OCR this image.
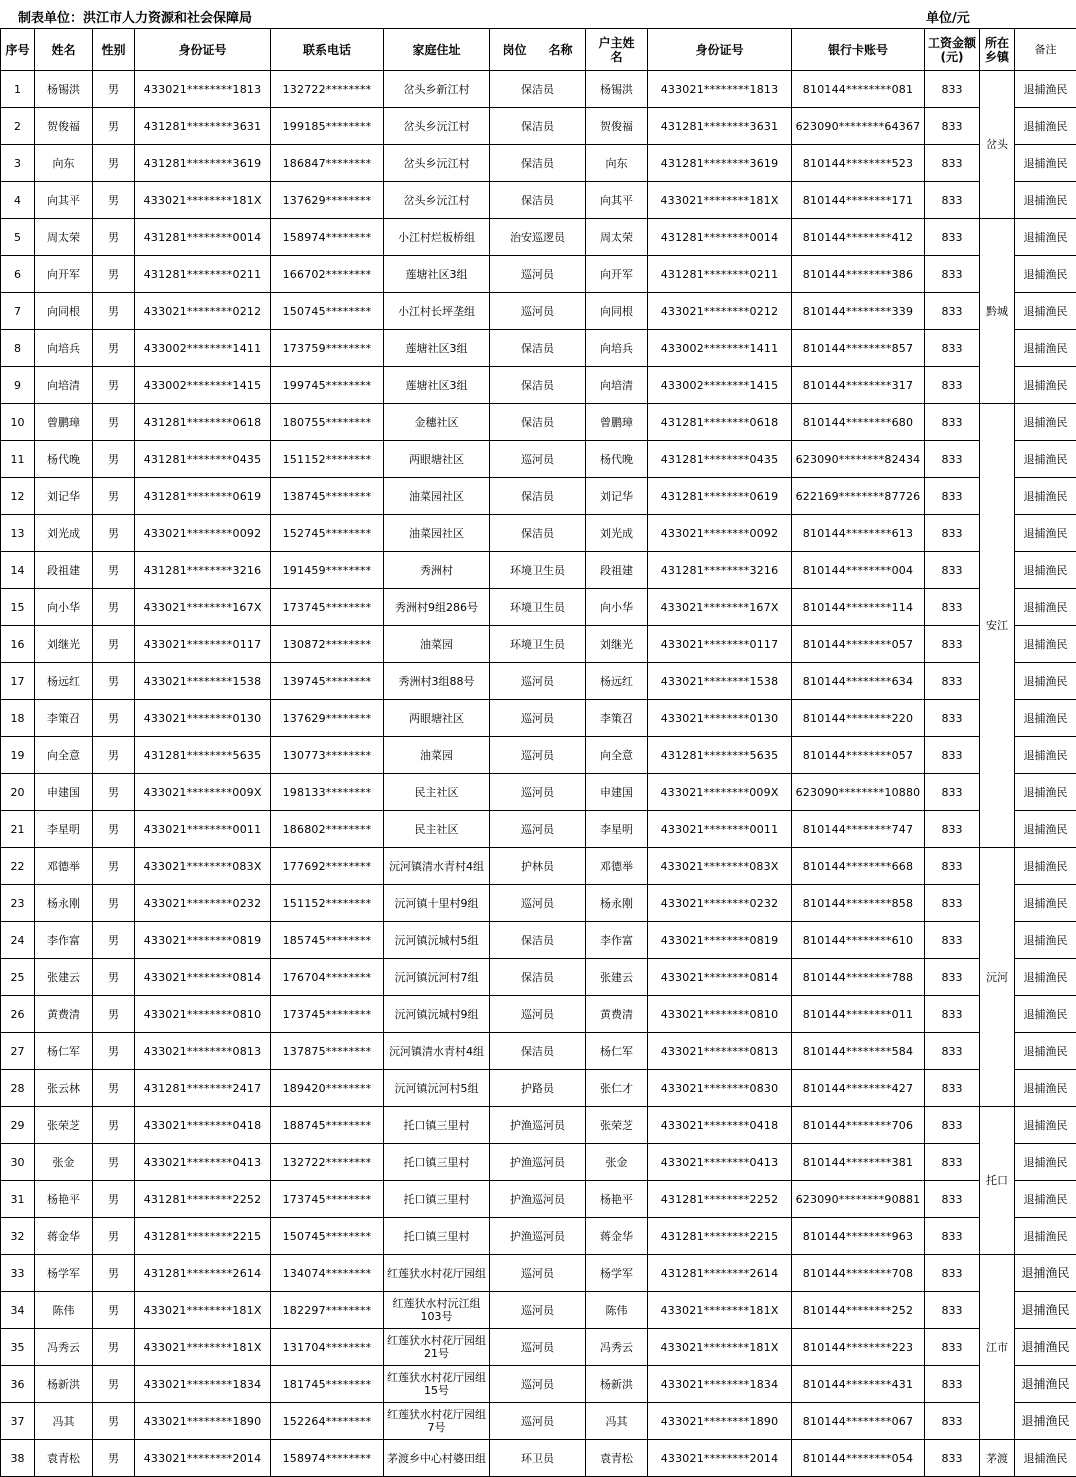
制表单位：洪江市人力资源和社会保障局	单位/元
序号	姓名	性别	身份证号	联系电话	家庭住址	岗位 名称	户主姓名	身份证号	银行卡账号	工资金额(元)	所在乡镇	备注
1	杨锡洪	男	433021********1813	132722********	岔头乡新江村	保洁员	杨锡洪	433021********1813	810144********081	833	岔头	退捕渔民
2	贺俊福	男	431281********3631	199185********	岔头乡沅江村	保洁员	贺俊福	431281********3631	623090********64367	833		退捕渔民
3	向东	男	431281********3619	186847********	岔头乡沅江村	保洁员	向东	431281********3619	810144********523	833		退捕渔民
4	向其平	男	433021********181X	137629********	岔头乡沅江村	保洁员	向其平	433021********181X	810144********171	833		退捕渔民
5	周太荣	男	431281********0014	158974********	小江村烂板桥组	治安巡逻员	周太荣	431281********0014	810144********412	833	黔城	退捕渔民
6	向开军	男	431281********0211	166702********	莲塘社区3组	巡河员	向开军	431281********0211	810144********386	833		退捕渔民
7	向同根	男	433021********0212	150745********	小江村长坪垄组	巡河员	向同根	433021********0212	810144********339	833		退捕渔民
8	向培兵	男	433002********1411	173759********	莲塘社区3组	保洁员	向培兵	433002********1411	810144********857	833		退捕渔民
9	向培清	男	433002********1415	199745********	莲塘社区3组	保洁员	向培清	433002********1415	810144********317	833		退捕渔民
10	曾鹏璋	男	431281********0618	180755********	金穗社区	保洁员	曾鹏璋	431281********0618	810144********680	833	安江	退捕渔民
11	杨代晚	男	431281********0435	151152********	两眼塘社区	巡河员	杨代晚	431281********0435	623090********82434	833		退捕渔民
12	刘记华	男	431281********0619	138745********	油菜园社区	保洁员	刘记华	431281********0619	622169********87726	833		退捕渔民
13	刘光成	男	433021********0092	152745********	油菜园社区	保洁员	刘光成	433021********0092	810144********613	833		退捕渔民
14	段祖建	男	431281********3216	191459********	秀洲村	环境卫生员	段祖建	431281********3216	810144********004	833		退捕渔民
15	向小华	男	433021********167X	173745********	秀洲村9组286号	环境卫生员	向小华	433021********167X	810144********114	833		退捕渔民
16	刘继光	男	433021********0117	130872********	油菜园	环境卫生员	刘继光	433021********0117	810144********057	833		退捕渔民
17	杨远红	男	433021********1538	139745********	秀洲村3组88号	巡河员	杨远红	433021********1538	810144********634	833		退捕渔民
18	李策召	男	433021********0130	137629********	两眼塘社区	巡河员	李策召	433021********0130	810144********220	833		退捕渔民
19	向全意	男	431281********5635	130773********	油菜园	巡河员	向全意	431281********5635	810144********057	833		退捕渔民
20	申建国	男	433021********009X	198133********	民主社区	巡河员	申建国	433021********009X	623090********10880	833		退捕渔民
21	李星明	男	433021********0011	186802********	民主社区	巡河员	李星明	433021********0011	810144********747	833		退捕渔民
22	邓德举	男	433021********083X	177692********	沅河镇清水青村4组	护林员	邓德举	433021********083X	810144********668	833	沅河	退捕渔民
23	杨永刚	男	433021********0232	151152********	沅河镇十里村9组	巡河员	杨永刚	433021********0232	810144********858	833		退捕渔民
24	李作富	男	433021********0819	185745********	沅河镇沅城村5组	保洁员	李作富	433021********0819	810144********610	833		退捕渔民
25	张建云	男	433021********0814	176704********	沅河镇沅河村7组	保洁员	张建云	433021********0814	810144********788	833		退捕渔民
26	黄费清	男	433021********0810	173745********	沅河镇沅城村9组	巡河员	黄费清	433021********0810	810144********011	833		退捕渔民
27	杨仁军	男	433021********0813	137875********	沅河镇清水青村4组	保洁员	杨仁军	433021********0813	810144********584	833		退捕渔民
28	张云林	男	431281********2417	189420********	沅河镇沅河村5组	护路员	张仁才	433021********0830	810144********427	833		退捕渔民
29	张荣芝	男	433021********0418	188745********	托口镇三里村	护渔巡河员	张荣芝	433021********0418	810144********706	833	托口	退捕渔民
30	张金	男	433021********0413	132722********	托口镇三里村	护渔巡河员	张金	433021********0413	810144********381	833		退捕渔民
31	杨艳平	男	431281********2252	173745********	托口镇三里村	护渔巡河员	杨艳平	431281********2252	623090********90881	833		退捕渔民
32	蒋金华	男	431281********2215	150745********	托口镇三里村	护渔巡河员	蒋金华	431281********2215	810144********963	833		退捕渔民
33	杨学军	男	431281********2614	134074********	红莲犾水村花厅园组	巡河员	杨学军	431281********2614	810144********708	833	江市	退捕渔民
34	陈伟	男	433021********181X	182297********	红莲犾水村沅江组103号	巡河员	陈伟	433021********181X	810144********252	833		退捕渔民
35	冯秀云	男	433021********181X	131704********	红莲犾水村花厅园组21号	巡河员	冯秀云	433021********181X	810144********223	833		退捕渔民
36	杨新洪	男	433021********1834	181745********	红莲犾水村花厅园组15号	巡河员	杨新洪	433021********1834	810144********431	833		退捕渔民
37	冯其	男	433021********1890	152264********	红莲犾水村花厅园组7号	巡河员	冯其	433021********1890	810144********067	833		退捕渔民
38	袁青松	男	433021********2014	158974********	茅渡乡中心村婆田组	环卫员	袁青松	433021********2014	810144********054	833	茅渡	退捕渔民
